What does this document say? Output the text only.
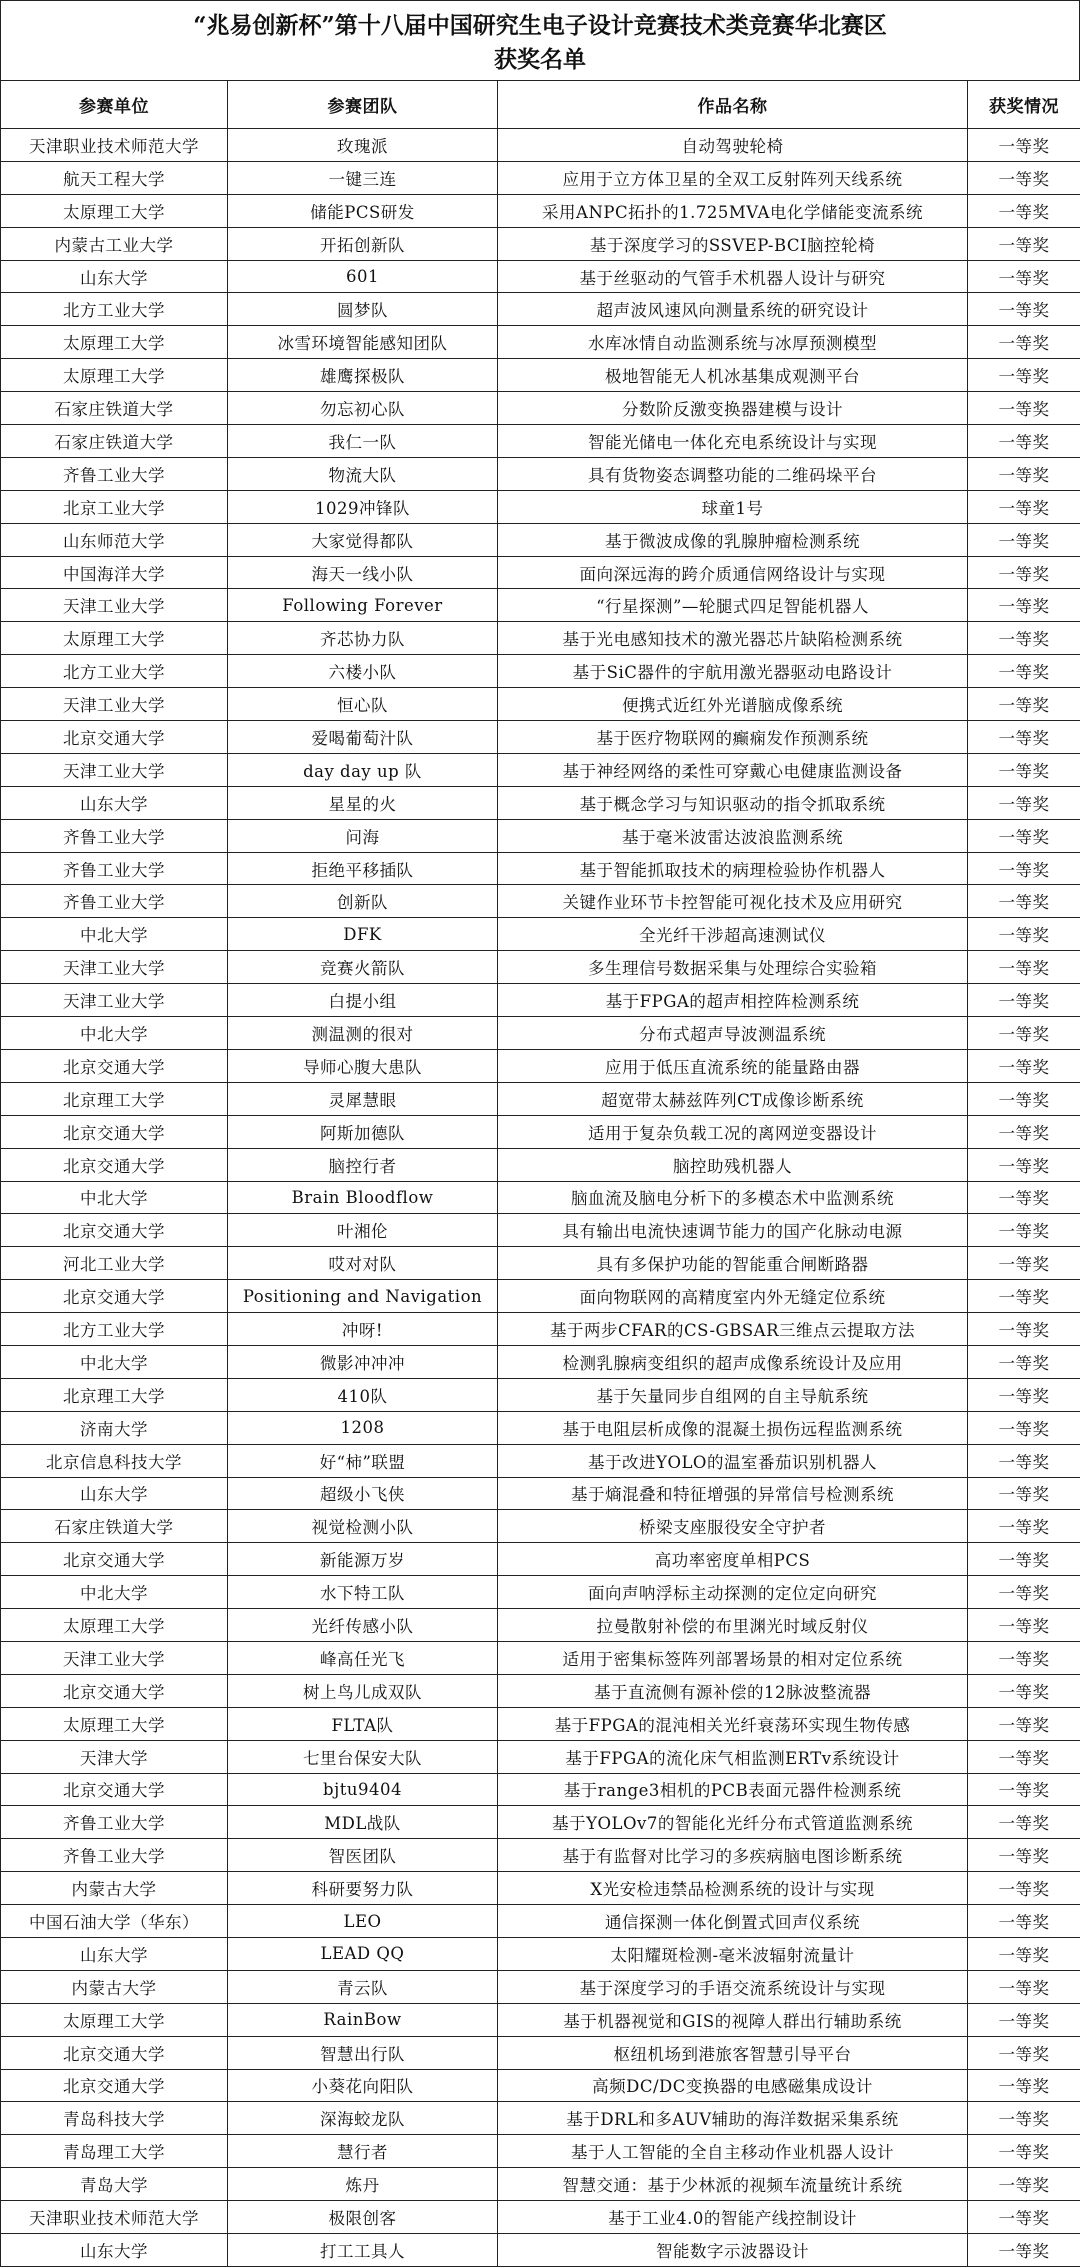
“兆易创新杯”第十八届中国研究生电子设计竞赛技术类竞赛华北赛区
获奖名单
参赛单位	参赛团队	作品名称	获奖情况
天津职业技术师范大学	玫瑰派	自动驾驶轮椅	一等奖
航天工程大学	一键三连	应用于立方体卫星的全双工反射阵列天线系统	一等奖
太原理工大学	储能PCS研发	采用ANPC拓扑的1.725MVA电化学储能变流系统	一等奖
内蒙古工业大学	开拓创新队	基于深度学习的SSVEP-BCI脑控轮椅	一等奖
山东大学	601	基于丝驱动的气管手术机器人设计与研究	一等奖
北方工业大学	圆梦队	超声波风速风向测量系统的研究设计	一等奖
太原理工大学	冰雪环境智能感知团队	水库冰情自动监测系统与冰厚预测模型	一等奖
太原理工大学	雄鹰探极队	极地智能无人机冰基集成观测平台	一等奖
石家庄铁道大学	勿忘初心队	分数阶反激变换器建模与设计	一等奖
石家庄铁道大学	我仁一队	智能光储电一体化充电系统设计与实现	一等奖
齐鲁工业大学	物流大队	具有货物姿态调整功能的二维码垛平台	一等奖
北京工业大学	1029冲锋队	球童1号	一等奖
山东师范大学	大家觉得都队	基于微波成像的乳腺肿瘤检测系统	一等奖
中国海洋大学	海天一线小队	面向深远海的跨介质通信网络设计与实现	一等奖
天津工业大学	Following Forever	“行星探测”—轮腿式四足智能机器人	一等奖
太原理工大学	齐芯协力队	基于光电感知技术的激光器芯片缺陷检测系统	一等奖
北方工业大学	六楼小队	基于SiC器件的宇航用激光器驱动电路设计	一等奖
天津工业大学	恒心队	便携式近红外光谱脑成像系统	一等奖
北京交通大学	爱喝葡萄汁队	基于医疗物联网的癫痫发作预测系统	一等奖
天津工业大学	day day up 队	基于神经网络的柔性可穿戴心电健康监测设备	一等奖
山东大学	星星的火	基于概念学习与知识驱动的指令抓取系统	一等奖
齐鲁工业大学	问海	基于毫米波雷达波浪监测系统	一等奖
齐鲁工业大学	拒绝平移插队	基于智能抓取技术的病理检验协作机器人	一等奖
齐鲁工业大学	创新队	关键作业环节卡控智能可视化技术及应用研究	一等奖
中北大学	DFK	全光纤干涉超高速测试仪	一等奖
天津工业大学	竞赛火箭队	多生理信号数据采集与处理综合实验箱	一等奖
天津工业大学	白提小组	基于FPGA的超声相控阵检测系统	一等奖
中北大学	测温测的很对	分布式超声导波测温系统	一等奖
北京交通大学	导师心腹大患队	应用于低压直流系统的能量路由器	一等奖
北京理工大学	灵犀慧眼	超宽带太赫兹阵列CT成像诊断系统	一等奖
北京交通大学	阿斯加德队	适用于复杂负载工况的离网逆变器设计	一等奖
北京交通大学	脑控行者	脑控助残机器人	一等奖
中北大学	Brain Bloodflow	脑血流及脑电分析下的多模态术中监测系统	一等奖
北京交通大学	叶湘伦	具有输出电流快速调节能力的国产化脉动电源	一等奖
河北工业大学	哎对对队	具有多保护功能的智能重合闸断路器	一等奖
北京交通大学	Positioning and Navigation	面向物联网的高精度室内外无缝定位系统	一等奖
北方工业大学	冲呀!	基于两步CFAR的CS-GBSAR三维点云提取方法	一等奖
中北大学	微影冲冲冲	检测乳腺病变组织的超声成像系统设计及应用	一等奖
北京理工大学	410队	基于矢量同步自组网的自主导航系统	一等奖
济南大学	1208	基于电阻层析成像的混凝土损伤远程监测系统	一等奖
北京信息科技大学	好“柿”联盟	基于改进YOLO的温室番茄识别机器人	一等奖
山东大学	超级小飞侠	基于熵混叠和特征增强的异常信号检测系统	一等奖
石家庄铁道大学	视觉检测小队	桥梁支座服役安全守护者	一等奖
北京交通大学	新能源万岁	高功率密度单相PCS	一等奖
中北大学	水下特工队	面向声呐浮标主动探测的定位定向研究	一等奖
太原理工大学	光纤传感小队	拉曼散射补偿的布里渊光时域反射仪	一等奖
天津工业大学	峰高任光飞	适用于密集标签阵列部署场景的相对定位系统	一等奖
北京交通大学	树上鸟儿成双队	基于直流侧有源补偿的12脉波整流器	一等奖
太原理工大学	FLTA队	基于FPGA的混沌相关光纤衰荡环实现生物传感	一等奖
天津大学	七里台保安大队	基于FPGA的流化床气相监测ERTv系统设计	一等奖
北京交通大学	bjtu9404	基于range3相机的PCB表面元器件检测系统	一等奖
齐鲁工业大学	MDL战队	基于YOLOv7的智能化光纤分布式管道监测系统	一等奖
齐鲁工业大学	智医团队	基于有监督对比学习的多疾病脑电图诊断系统	一等奖
内蒙古大学	科研要努力队	X光安检违禁品检测系统的设计与实现	一等奖
中国石油大学（华东）	LEO	通信探测一体化倒置式回声仪系统	一等奖
山东大学	LEAD QQ	太阳耀斑检测-毫米波辐射流量计	一等奖
内蒙古大学	青云队	基于深度学习的手语交流系统设计与实现	一等奖
太原理工大学	RainBow	基于机器视觉和GIS的视障人群出行辅助系统	一等奖
北京交通大学	智慧出行队	枢纽机场到港旅客智慧引导平台	一等奖
北京交通大学	小葵花向阳队	高频DC/DC变换器的电感磁集成设计	一等奖
青岛科技大学	深海蛟龙队	基于DRL和多AUV辅助的海洋数据采集系统	一等奖
青岛理工大学	慧行者	基于人工智能的全自主移动作业机器人设计	一等奖
青岛大学	炼丹	智慧交通：基于少林派的视频车流量统计系统	一等奖
天津职业技术师范大学	极限创客	基于工业4.0的智能产线控制设计	一等奖
山东大学	打工工具人	智能数字示波器设计	一等奖
